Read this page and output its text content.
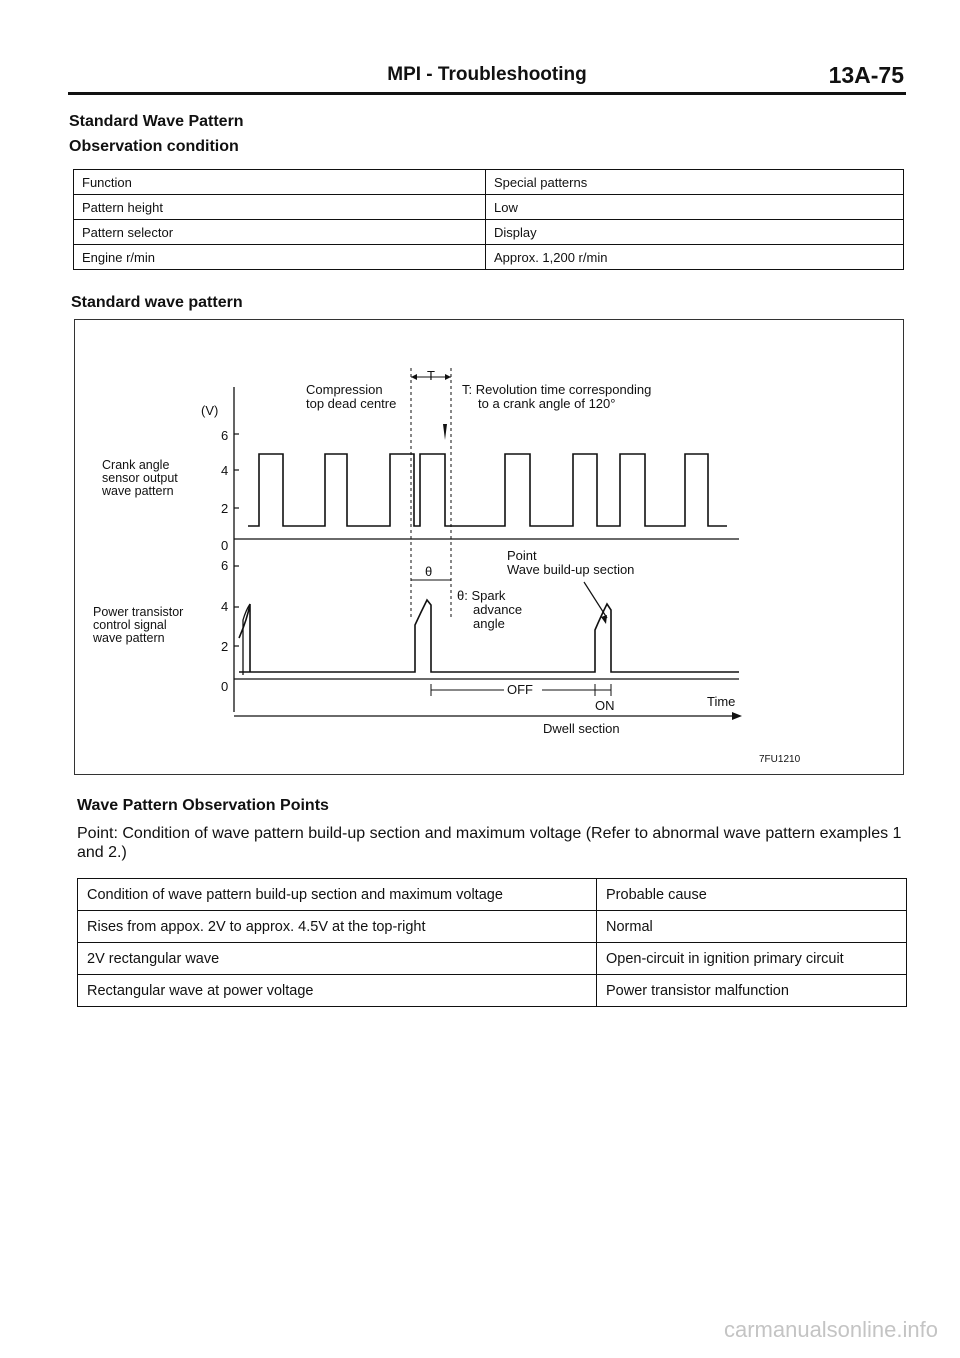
MPI - Troubleshooting	13A-75
Standard Wave Pattern
Observation condition
Function	Special patterns
Pattern height	Low
Pattern selector	Display
Engine r/min	Approx. 1,200 r/min
Standard wave pattern
Crank angle
sensor output
wave pattern
(V)
6
4
2
0
T
Compression
top dead centre
T: Revolution time corresponding
to a crank angle of 120°
Point
Wave build-up section
θ
θ: Spark
advance
angle
Power transistor
control signal
wave pattern
6
4
2
0	OFF
ON	Time
Dwell section
7FU1210
Wave Pattern Observation Points
Point: Condition of wave pattern build-up section and maximum voltage (Refer to abnormal wave pattern examples 1 and 2.)
Condition of wave pattern build-up section and maximum voltage	Probable cause
Rises from appox. 2V to approx. 4.5V at the top-right	Normal
2V rectangular wave	Open-circuit in ignition primary circuit
Rectangular wave at power voltage	Power transistor malfunction
carmanualsonline.info
